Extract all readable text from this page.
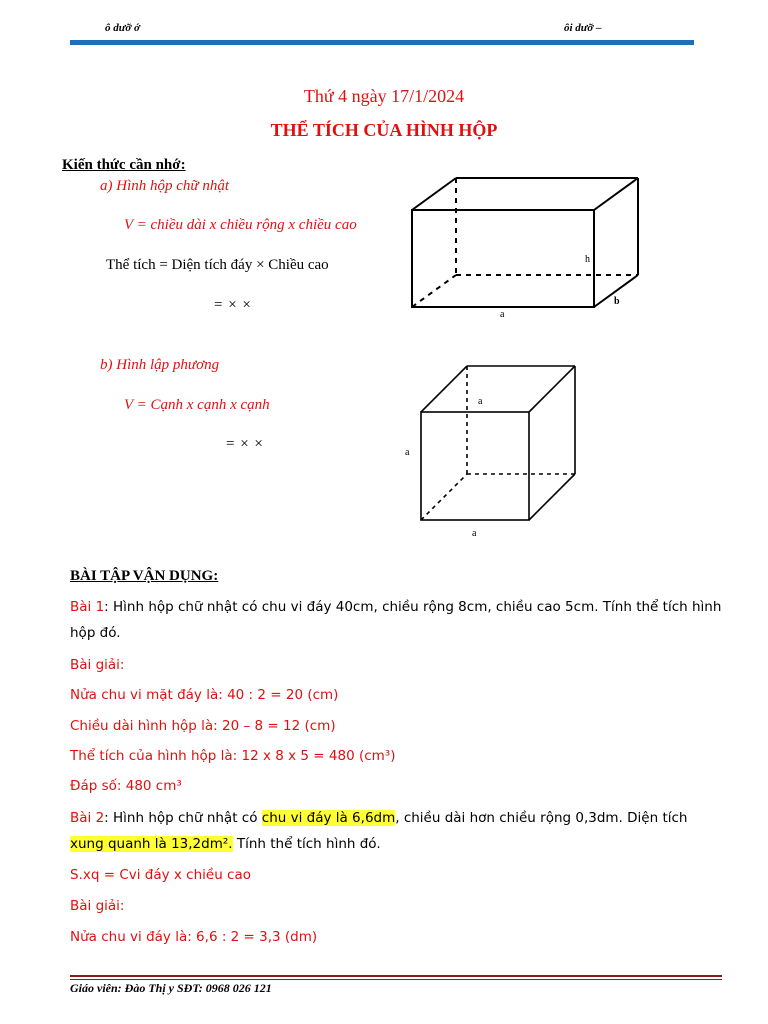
ô dưỡ ớ	ôi dưỡ –
Thứ 4 ngày 17/1/2024
THỂ TÍCH CỦA HÌNH HỘP
Kiến thức cần nhớ:
a) Hình hộp chữ nhật
V = chiều dài x chiều rộng x chiều cao
Thể tích = Diện tích đáy × Chiều cao
= × ×
h
b
a
b) Hình lập phương
V = Cạnh x cạnh x cạnh
= × ×
a
a
a
BÀI TẬP VẬN DỤNG:
Bài 1: Hình hộp chữ nhật có chu vi đáy 40cm, chiều rộng 8cm, chiều cao 5cm. Tính thể tích hình hộp đó.
Bài giải:
Nửa chu vi mặt đáy là: 40 : 2 = 20 (cm)
Chiều dài hình hộp là: 20 – 8 = 12 (cm)
Thể tích của hình hộp là: 12 x 8 x 5 = 480 (cm³)
Đáp số: 480 cm³
Bài 2: Hình hộp chữ nhật có chu vi đáy là 6,6dm, chiều dài hơn chiều rộng 0,3dm. Diện tích xung quanh là 13,2dm². Tính thể tích hình đó.
S.xq = Cvi đáy x chiều cao
Bài giải:
Nửa chu vi đáy là: 6,6 : 2 = 3,3 (dm)
Giáo viên: Đào Thị y SĐT: 0968 026 121
